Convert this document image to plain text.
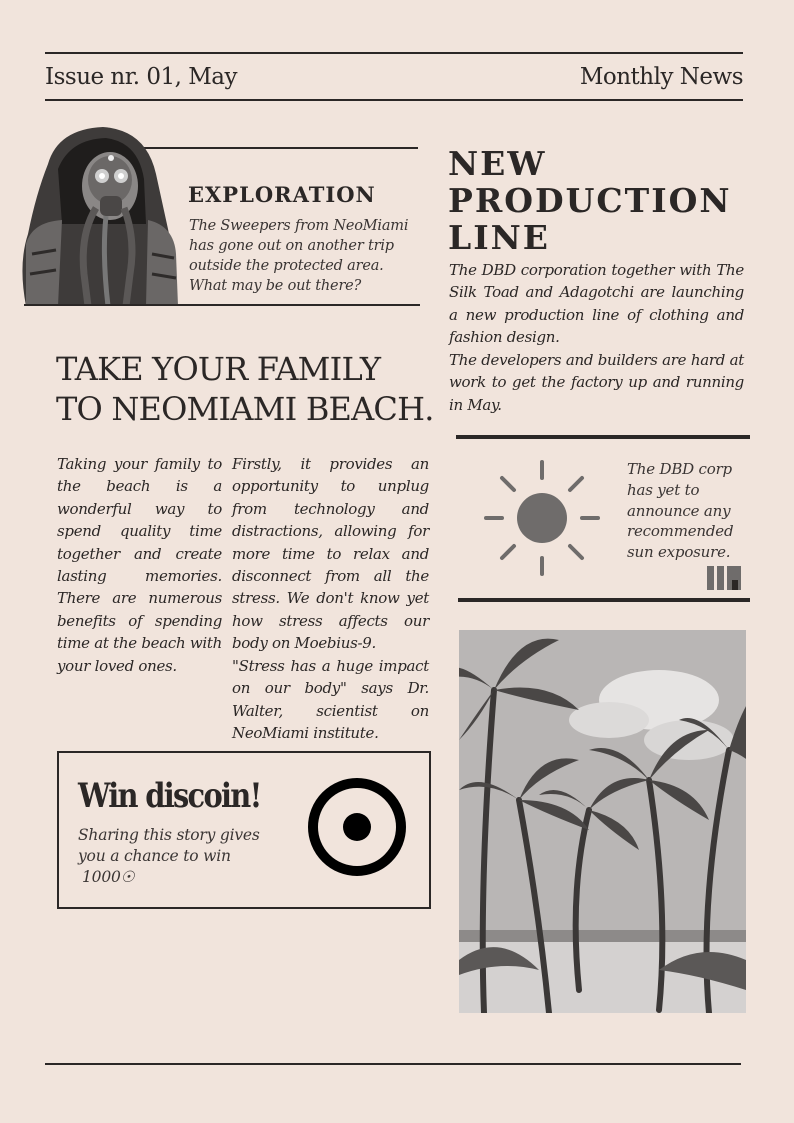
Issue nr. 01, May	Monthly News
EXPLORATION
The Sweepers from NeoMiami has gone out on another trip outside the protected area. What may be out there?
NEW PRODUCTION LINE
The DBD corporation together with The Silk Toad and Adagotchi are launching a new production line of clothing and fashion design.
The developers and builders are hard at work to get the factory up and running in May.
TAKE YOUR FAMILY
TO NEOMIAMI BEACH.
Taking your family to the beach is a wonderful way to spend quality time together and create lasting memories. There are numerous benefits of spending time at the beach with your loved ones.
Firstly, it provides an opportunity to unplug from technology and distractions, allowing for more time to relax and disconnect from all the stress. We don't know yet how stress affects our body on Moebius-9.
"Stress has a huge impact on our body" says Dr. Walter, scientist on NeoMiami institute.
The DBD corp has yet to announce any recommended sun exposure.
Win discoin!
Sharing this story gives you a chance to win
1000☉
